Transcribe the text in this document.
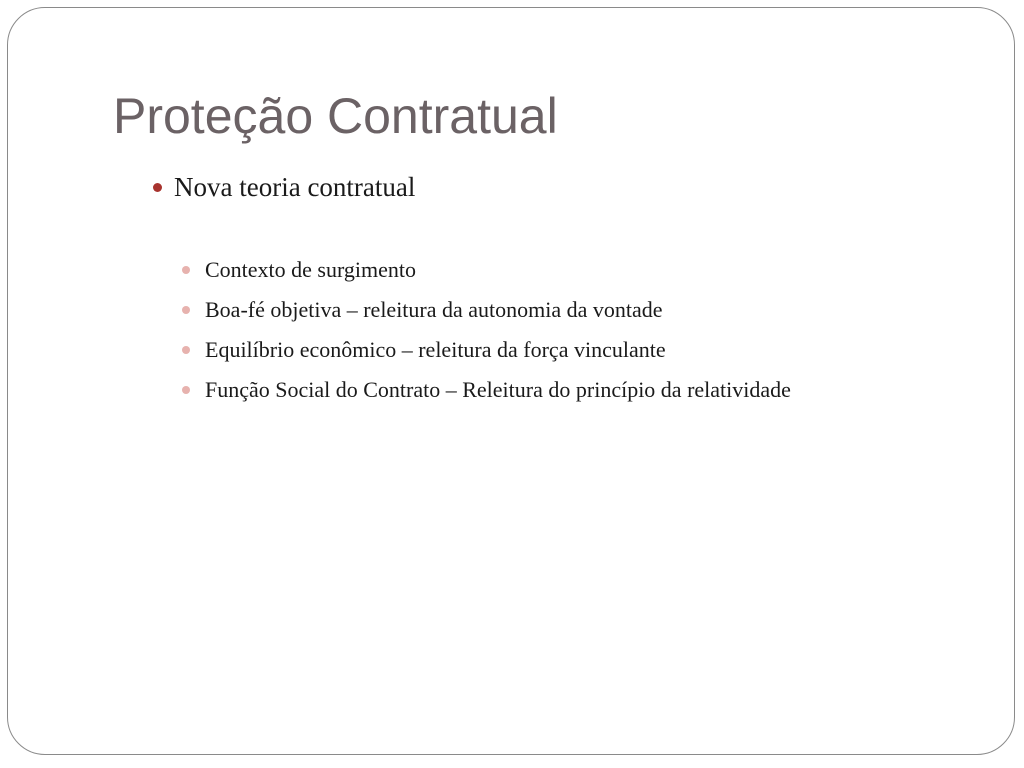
Proteção Contratual
Nova teoria contratual
Contexto de surgimento
Boa-fé objetiva – releitura da autonomia da vontade
Equilíbrio econômico – releitura da força vinculante
Função Social do Contrato – Releitura do princípio da relatividade
